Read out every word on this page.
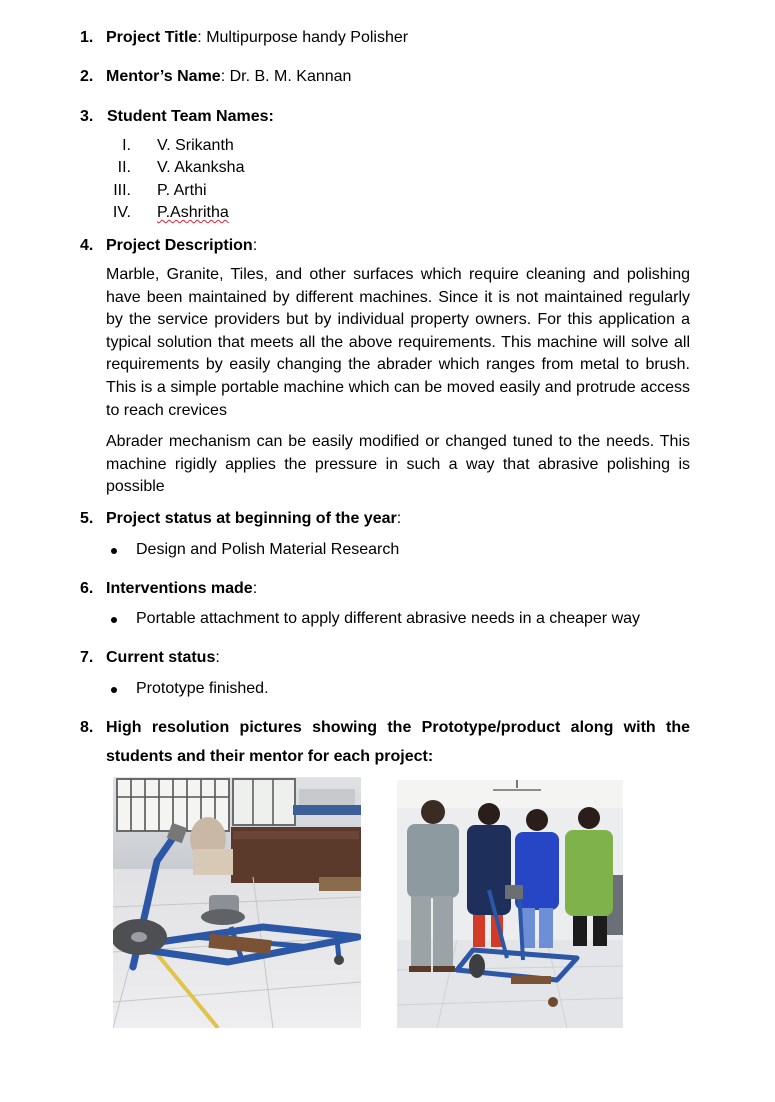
1. Project Title: Multipurpose handy Polisher
2. Mentor’s Name: Dr. B. M. Kannan
3. Student Team Names:
I. V. Srikanth
II. V. Akanksha
III. P. Arthi
IV. P.Ashritha
4. Project Description:
Marble, Granite, Tiles, and other surfaces which require cleaning and polishing have been maintained by different machines. Since it is not maintained regularly by the service providers but by individual property owners. For this application a typical solution that meets all the above requirements. This machine will solve all requirements by easily changing the abrader which ranges from metal to brush. This is a simple portable machine which can be moved easily and protrude access to reach crevices
Abrader mechanism can be easily modified or changed tuned to the needs. This machine rigidly applies the pressure in such a way that abrasive polishing is possible
5. Project status at beginning of the year:
Design and Polish Material Research
6. Interventions made:
Portable attachment to apply different abrasive needs in a cheaper way
7. Current status:
Prototype finished.
8. High resolution pictures showing the Prototype/product along with the
students and their mentor for each project:
